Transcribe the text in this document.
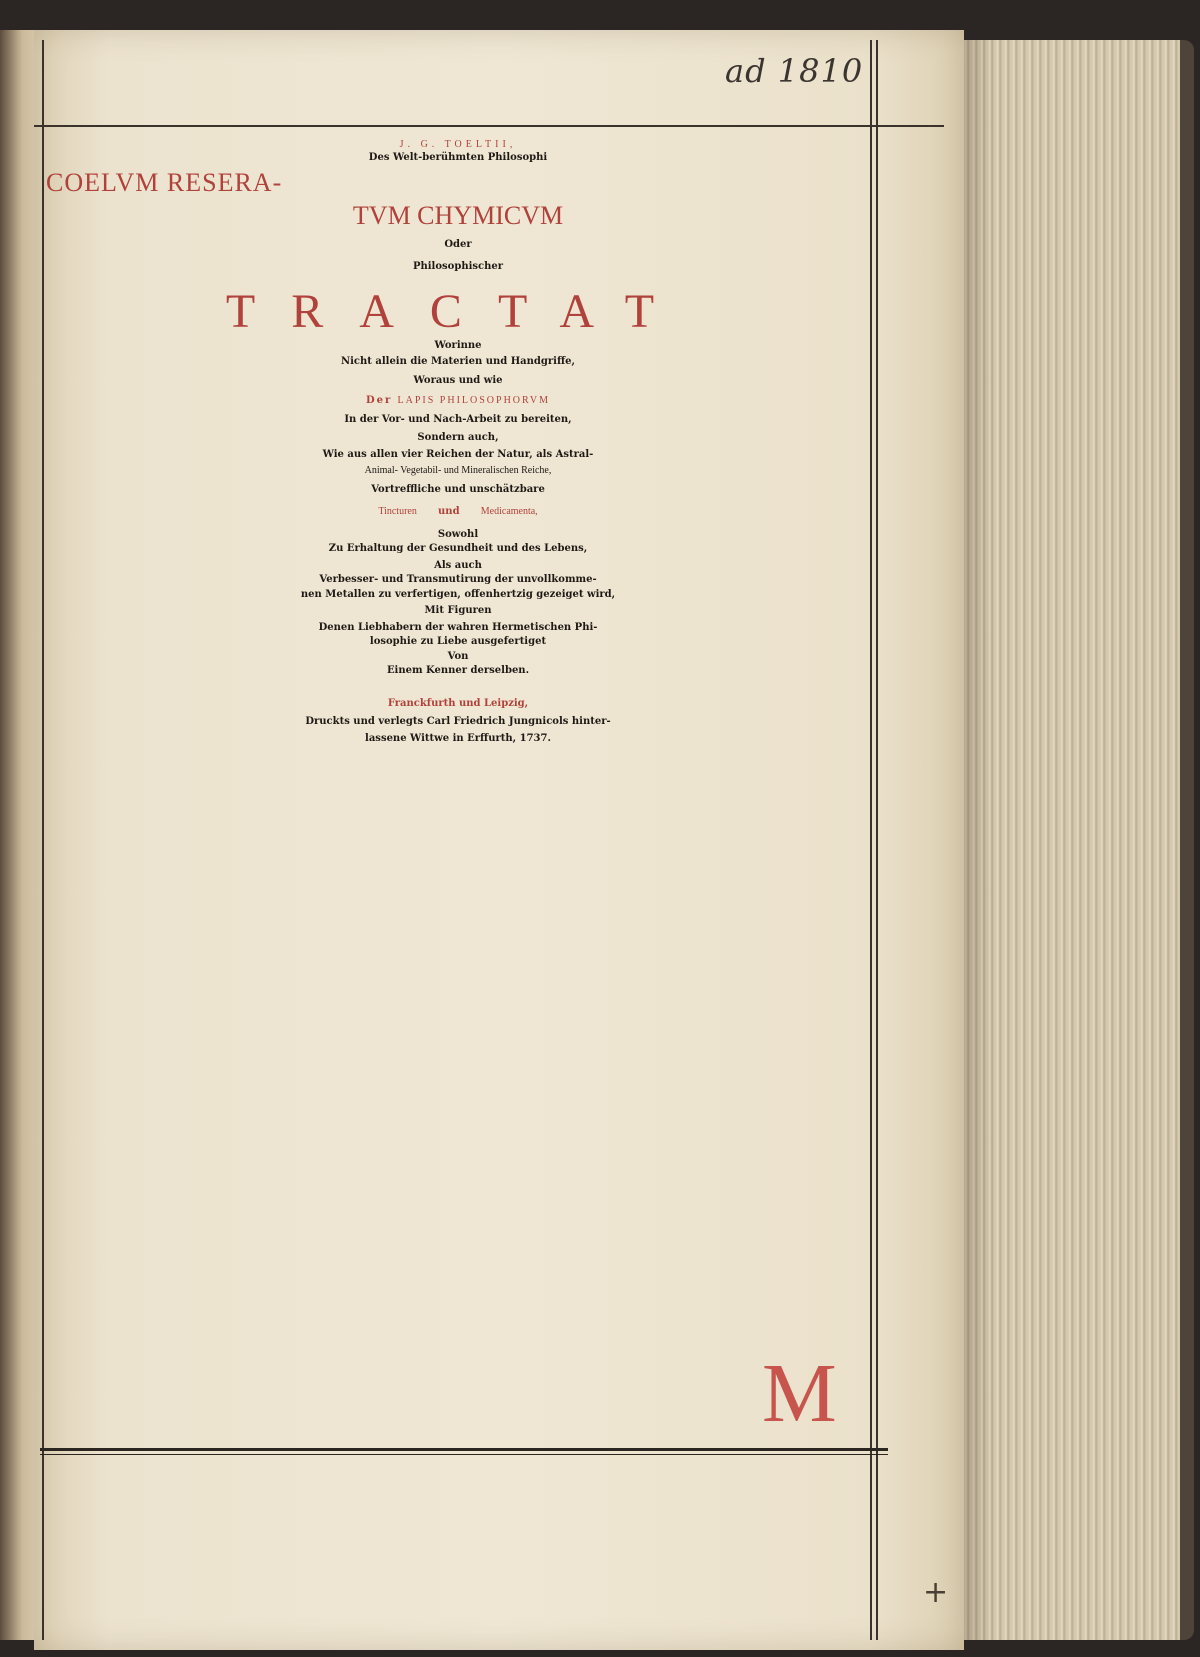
ad 1810
J. G. TOELTII,
Des Welt-berühmten Philosophi
COELVM RESERA-
TVM CHYMICVM
Oder
Philosophischer
TRACTAT
Worinne
Nicht allein die Materien und Handgriffe,
Woraus und wie
Der LAPIS PHILOSOPHORVM
In der Vor- und Nach-Arbeit zu bereiten,
Sondern auch,
Wie aus allen vier Reichen der Natur, als Astral-
Animal- Vegetabil- und Mineralischen Reiche,
Vortreffliche und unschätzbare
Tincturen und Medicamenta,
Sowohl
Zu Erhaltung der Gesundheit und des Lebens,
Als auch
Verbesser- und Transmutirung der unvollkomme-
nen Metallen zu verfertigen, offenhertzig gezeiget wird,
Mit Figuren
Denen Liebhabern der wahren Hermetischen Phi-
losophie zu Liebe ausgefertiget
Von
Einem Kenner derselben.
Franckfurth und Leipzig,
Druckts und verlegts Carl Friedrich Jungnicols hinter-
lassene Wittwe in Erffurth, 1737.
M
+
